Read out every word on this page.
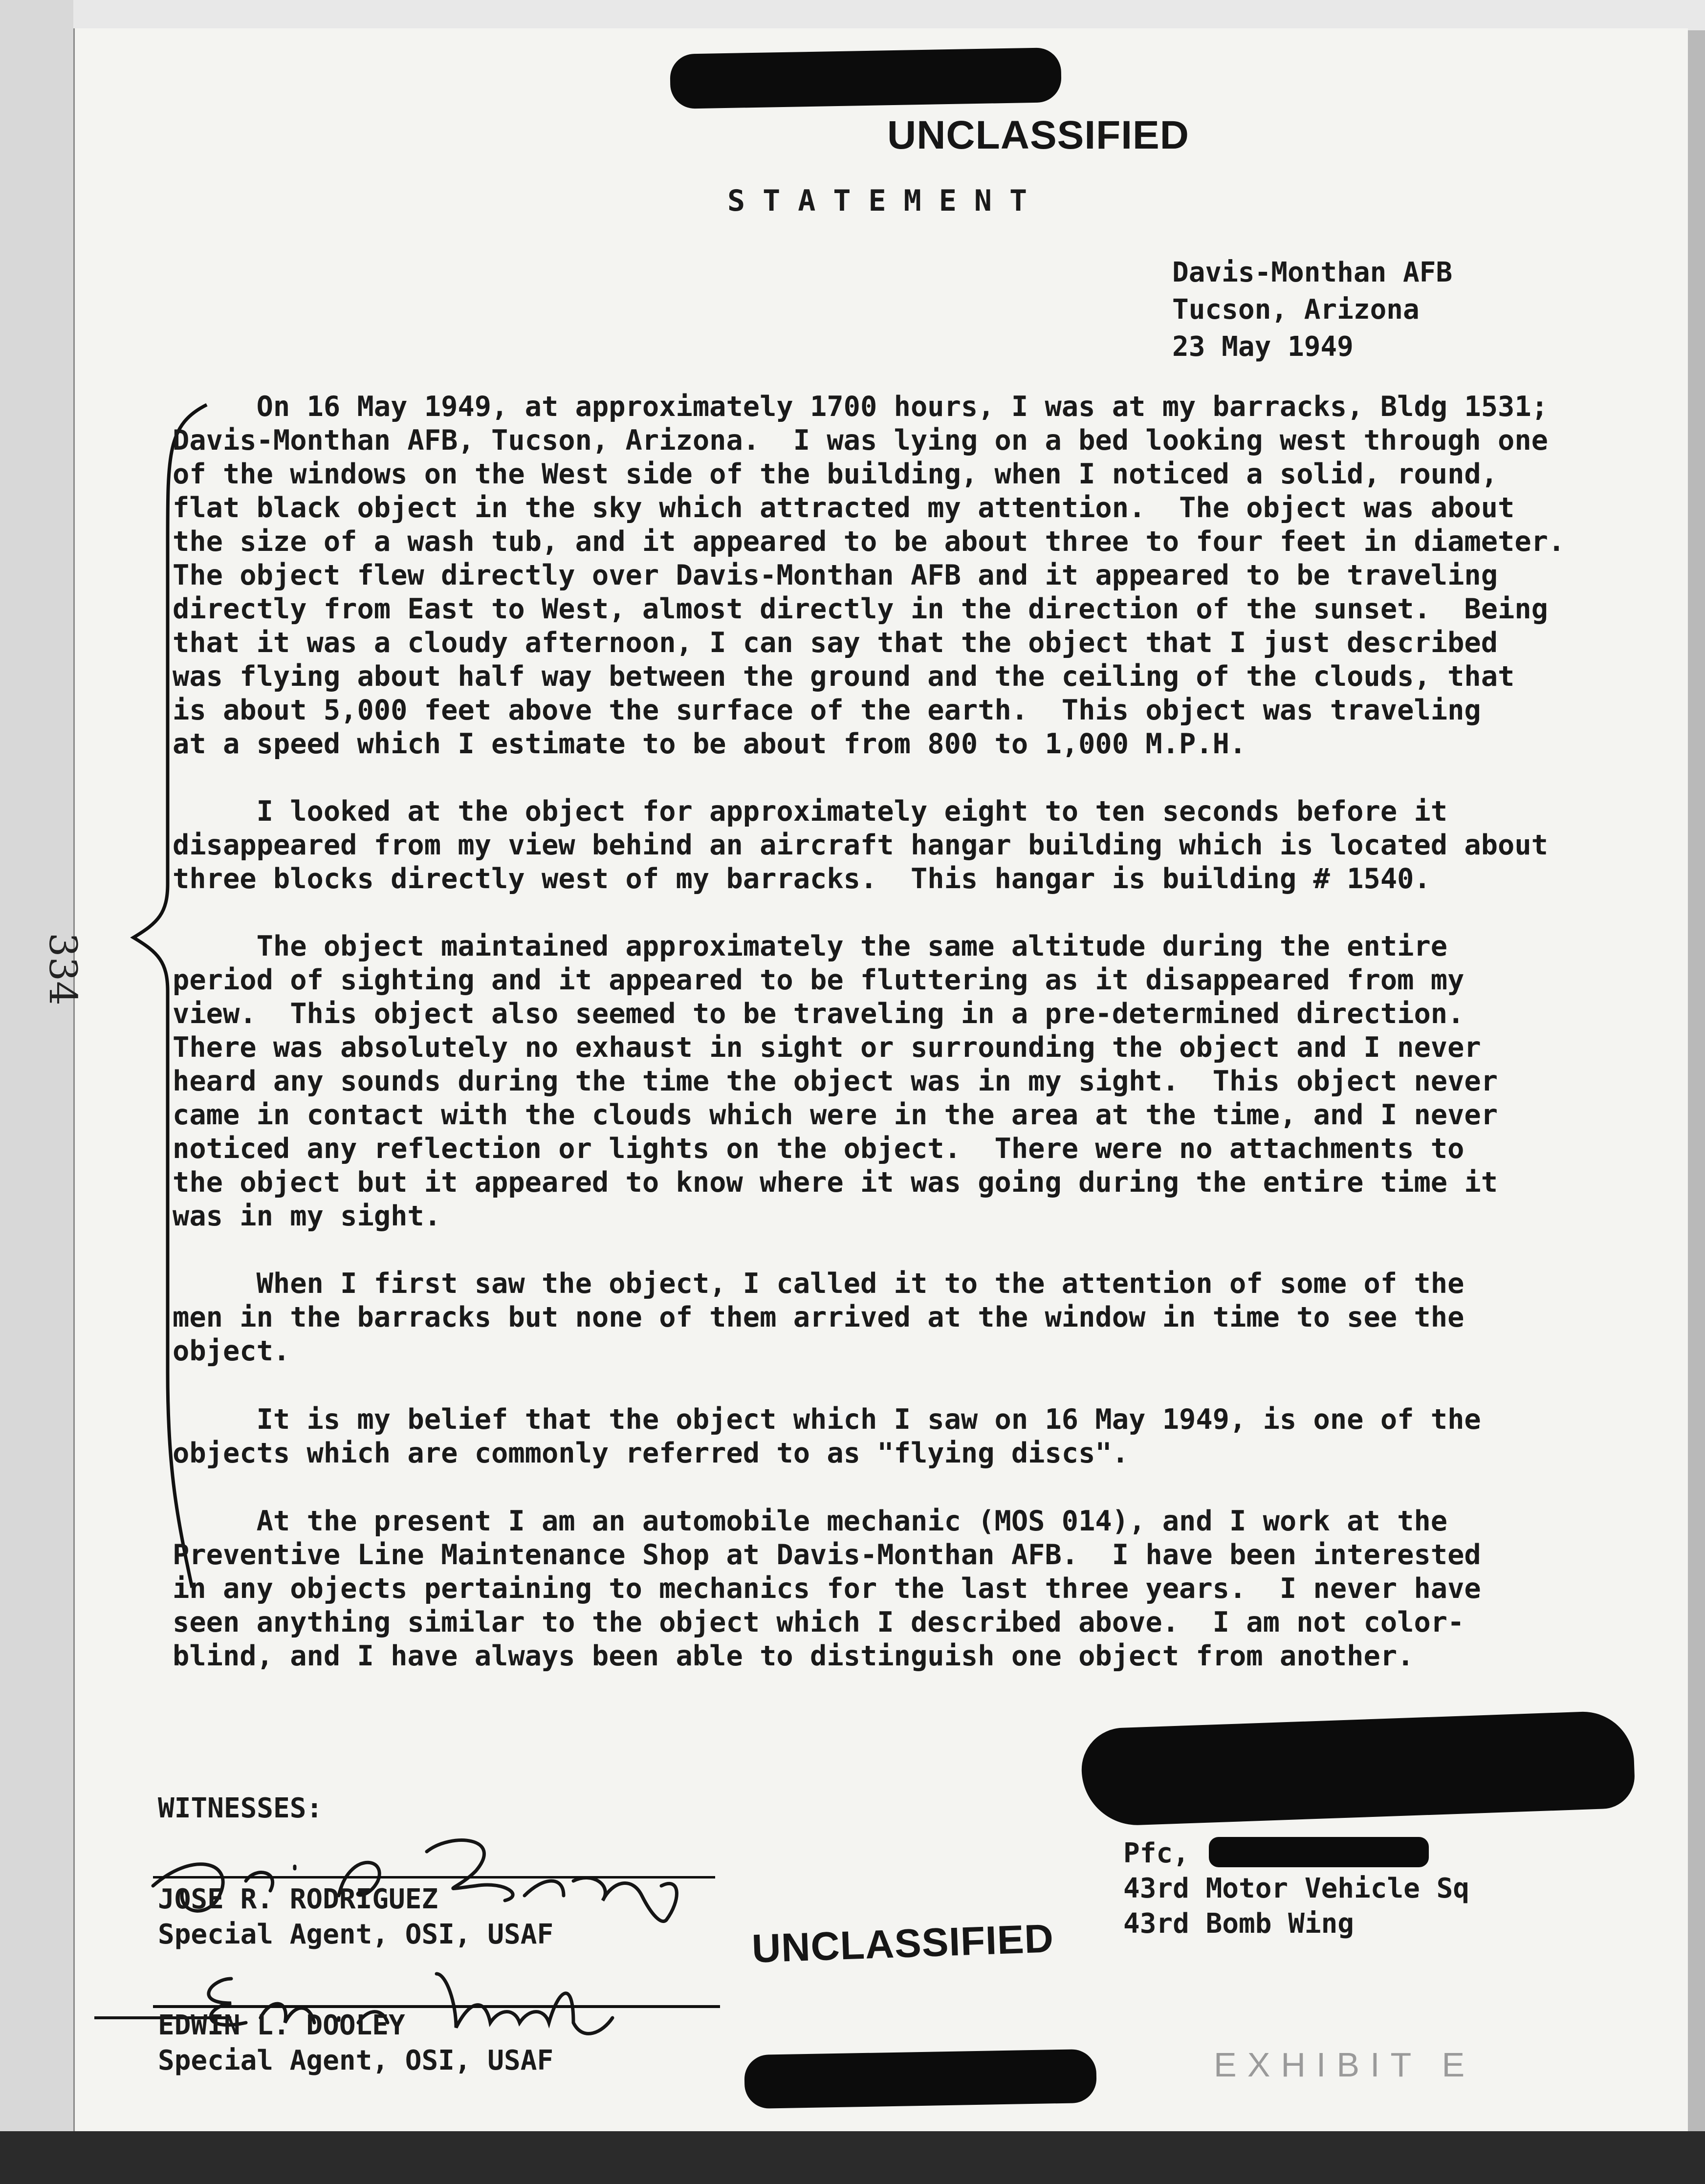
UNCLASSIFIED
STATEMENT
Davis-Monthan AFB
Tucson, Arizona
23 May 1949
334
On 16 May 1949, at approximately 1700 hours, I was at my barracks, Bldg 1531;
Davis-Monthan AFB, Tucson, Arizona.  I was lying on a bed looking west through one
of the windows on the West side of the building, when I noticed a solid, round,
flat black object in the sky which attracted my attention.  The object was about
the size of a wash tub, and it appeared to be about three to four feet in diameter.
The object flew directly over Davis-Monthan AFB and it appeared to be traveling
directly from East to West, almost directly in the direction of the sunset.  Being
that it was a cloudy afternoon, I can say that the object that I just described
was flying about half way between the ground and the ceiling of the clouds, that
is about 5,000 feet above the surface of the earth.  This object was traveling
at a speed which I estimate to be about from 800 to 1,000 M.P.H.
I looked at the object for approximately eight to ten seconds before it
disappeared from my view behind an aircraft hangar building which is located about
three blocks directly west of my barracks.  This hangar is building # 1540.
The object maintained approximately the same altitude during the entire
period of sighting and it appeared to be fluttering as it disappeared from my
view.  This object also seemed to be traveling in a pre-determined direction.
There was absolutely no exhaust in sight or surrounding the object and I never
heard any sounds during the time the object was in my sight.  This object never
came in contact with the clouds which were in the area at the time, and I never
noticed any reflection or lights on the object.  There were no attachments to
the object but it appeared to know where it was going during the entire time it
was in my sight.
When I first saw the object, I called it to the attention of some of the
men in the barracks but none of them arrived at the window in time to see the
object.
It is my belief that the object which I saw on 16 May 1949, is one of the
objects which are commonly referred to as "flying discs".
At the present I am an automobile mechanic (MOS 014), and I work at the
Preventive Line Maintenance Shop at Davis-Monthan AFB.  I have been interested
in any objects pertaining to mechanics for the last three years.  I never have
seen anything similar to the object which I described above.  I am not color-
blind, and I have always been able to distinguish one object from another.
WITNESSES:
JOSE R. RODRIGUEZ
Special Agent, OSI, USAF
EDWIN L. DOOLEY
Special Agent, OSI, USAF
Pfc,
43rd Motor Vehicle Sq
43rd Bomb Wing
UNCLASSIFIED
EXHIBIT E
